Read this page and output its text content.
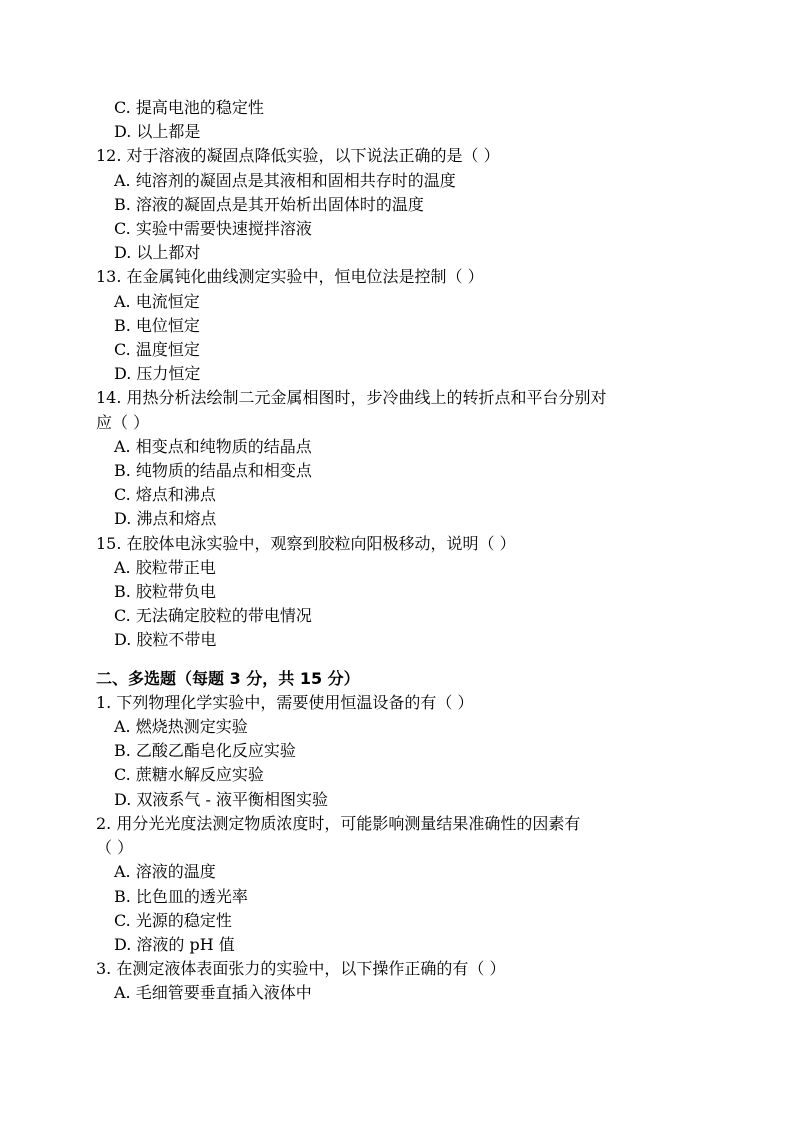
C. 提高电池的稳定性
D. 以上都是
12. 对于溶液的凝固点降低实验，以下说法正确的是（ ）
A. 纯溶剂的凝固点是其液相和固相共存时的温度
B. 溶液的凝固点是其开始析出固体时的温度
C. 实验中需要快速搅拌溶液
D. 以上都对
13. 在金属钝化曲线测定实验中，恒电位法是控制（ ）
A. 电流恒定
B. 电位恒定
C. 温度恒定
D. 压力恒定
14. 用热分析法绘制二元金属相图时，步冷曲线上的转折点和平台分别对
应（ ）
A. 相变点和纯物质的结晶点
B. 纯物质的结晶点和相变点
C. 熔点和沸点
D. 沸点和熔点
15. 在胶体电泳实验中，观察到胶粒向阳极移动，说明（ ）
A. 胶粒带正电
B. 胶粒带负电
C. 无法确定胶粒的带电情况
D. 胶粒不带电
二、多选题（每题 3 分，共 15 分）
1. 下列物理化学实验中，需要使用恒温设备的有（ ）
A. 燃烧热测定实验
B. 乙酸乙酯皂化反应实验
C. 蔗糖水解反应实验
D. 双液系气 - 液平衡相图实验
2. 用分光光度法测定物质浓度时，可能影响测量结果准确性的因素有
（ ）
A. 溶液的温度
B. 比色皿的透光率
C. 光源的稳定性
D. 溶液的 pH 值
3. 在测定液体表面张力的实验中，以下操作正确的有（ ）
A. 毛细管要垂直插入液体中
